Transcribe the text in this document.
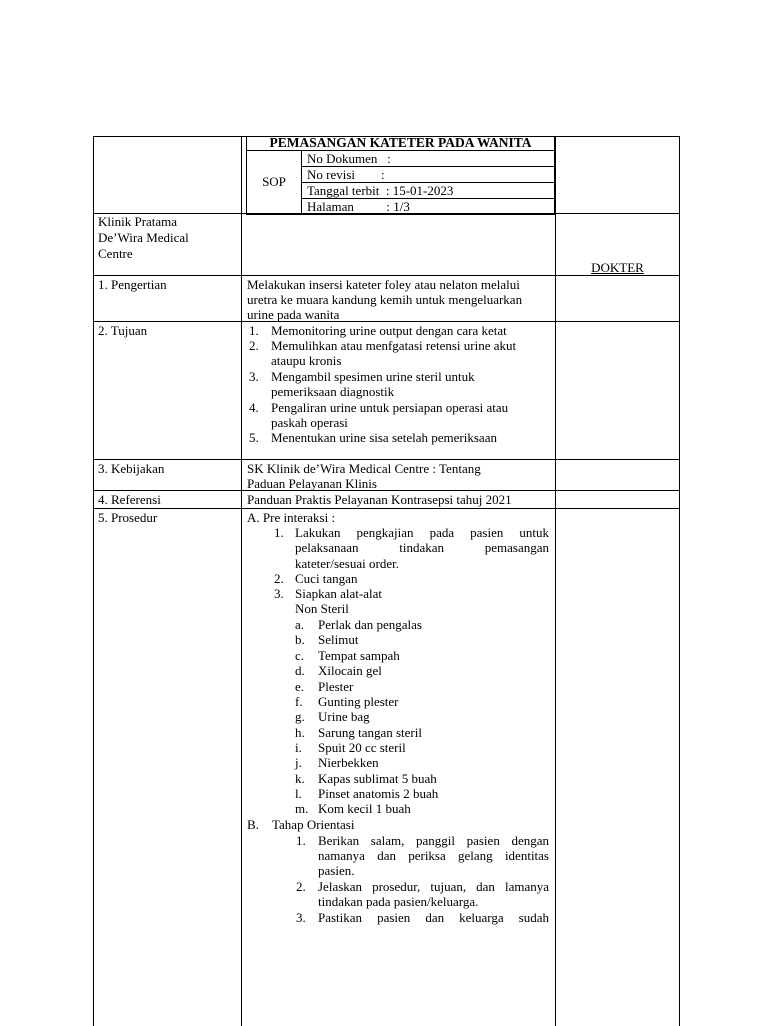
PEMASANGAN KATETER PADA WANITA
SOP
No Dokumen   :
No revisi        :
Tanggal terbit  : 15-01-2023
Halaman          : 1/3
Klinik Pratama
De’Wira Medical
Centre
DOKTER
1. Pengertian	Melakukan insersi kateter foley atau nelaton melalui
uretra ke muara kandung kemih untuk mengeluarkan
urine pada wanita
2. Tujuan	1. Memonitoring urine output dengan cara ketat
2. Memulihkan atau menfgatasi retensi urine akut
ataupu kronis
3. Mengambil spesimen urine steril untuk
pemeriksaan diagnostik
4. Pengaliran urine untuk persiapan operasi atau
paskah operasi
5. Menentukan urine sisa setelah pemeriksaan
3. Kebijakan	SK Klinik de’Wira Medical Centre : Tentang
Paduan Pelayanan Klinis
4. Referensi	Panduan Praktis Pelayanan Kontrasepsi tahuj 2021
5. Prosedur	A. Pre interaksi :
1. Lakukan pengkajian pada pasien untuk
pelaksanaan tindakan pemasangan
kateter/sesuai order.
2. Cuci tangan
3. Siapkan alat-alat
Non Steril
a. Perlak dan pengalas
b. Selimut
c. Tempat sampah
d. Xilocain gel
e. Plester
f. Gunting plester
g. Urine bag
h. Sarung tangan steril
i. Spuit 20 cc steril
j. Nierbekken
k. Kapas sublimat 5 buah
l. Pinset anatomis 2 buah
m. Kom kecil 1 buah
B. Tahap Orientasi
1. Berikan salam, panggil pasien dengan
namanya dan periksa gelang identitas
pasien.
2. Jelaskan prosedur, tujuan, dan lamanya
tindakan pada pasien/keluarga.
3. Pastikan pasien dan keluarga sudah
